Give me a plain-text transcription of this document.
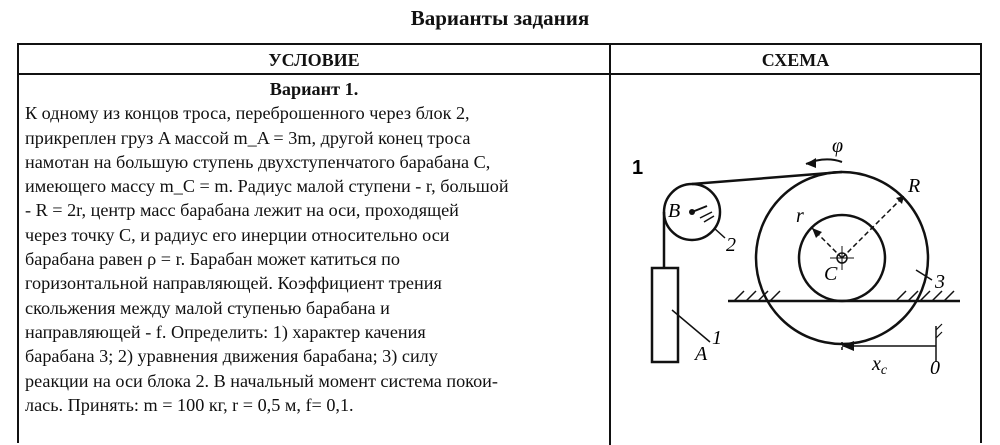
Варианты задания
УСЛОВИЕ	СХЕМА
Вариант 1.

К одному из концов троса, переброшенного через блок 2,

прикреплен груз A массой m_A = 3m, другой конец троса

намотан на большую ступень двухступенчатого барабана C,

имеющего массу m_C = m. Радиус малой ступени - r, большой

- R = 2r, центр масс барабана лежит на оси, проходящей

через точку С, и радиус его инерции относительно оси

барабана равен ρ = r. Барабан может катиться по

горизонтальной направляющей. Коэффициент трения

скольжения между малой ступенью барабана и

направляющей - f. Определить: 1) характер качения

барабана 3; 2) уравнения движения барабана; 3) силу

реакции на оси блока 2. В начальный момент система покои-

лась. Принять: m = 100 кг, r = 0,5 м, f= 0,1.

1
B
2
A
1
C
r
R
φ
3
$x_c$ 0
